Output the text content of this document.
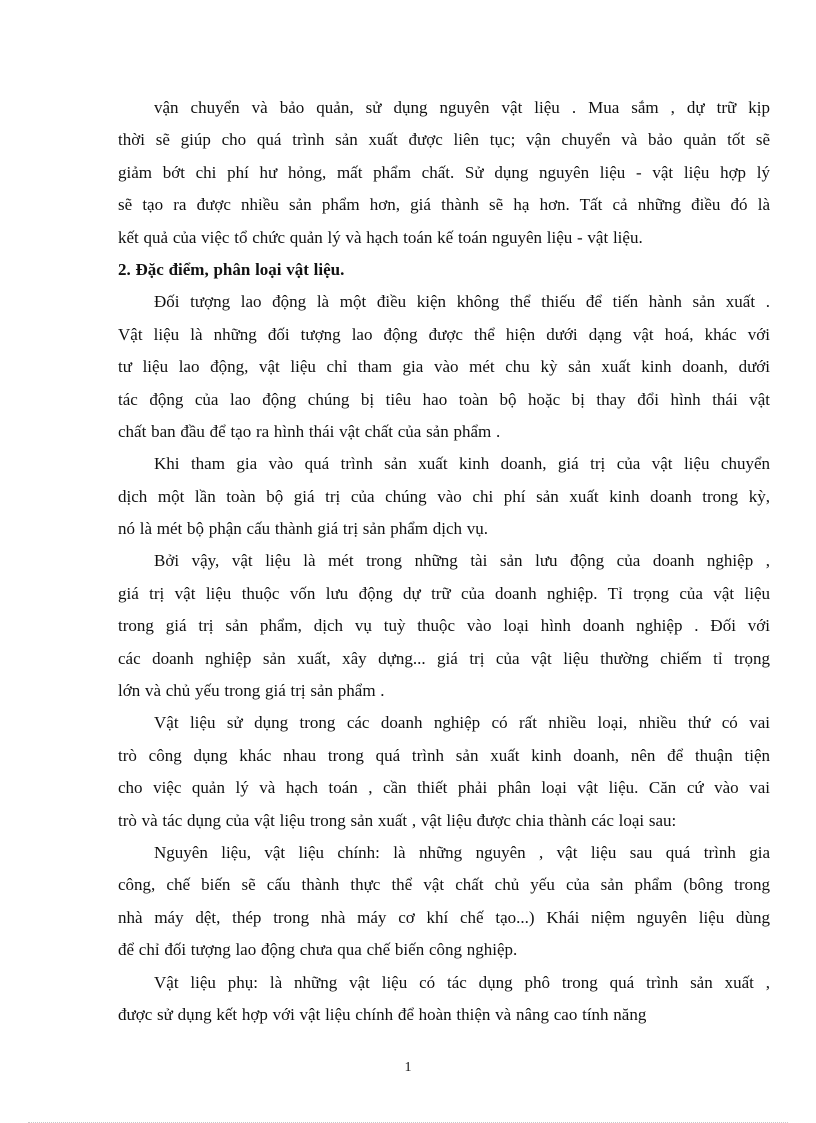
vận chuyển và bảo quản, sử dụng nguyên vật liệu . Mua sắm , dự trữ kịp
thời sẽ giúp cho quá trình sản xuất được liên tục; vận chuyển và bảo quản tốt sẽ
giảm bớt chi phí hư hỏng, mất phẩm chất. Sử dụng nguyên liệu - vật liệu hợp lý
sẽ tạo ra được nhiều sản phẩm hơn, giá thành sẽ hạ hơn. Tất cả những điều đó là
kết quả của việc tổ chức quản lý và hạch toán kế toán nguyên liệu - vật liệu.
2. Đặc điểm, phân loại vật liệu.
Đối tượng lao động là một điều kiện không thể thiếu để tiến hành sản xuất .
Vật liệu là những đối tượng lao động được thể hiện dưới dạng vật hoá, khác với
tư liệu lao động, vật liệu chỉ tham gia vào mét chu kỳ sản xuất kinh doanh, dưới
tác động của lao động chúng bị tiêu hao toàn bộ hoặc bị thay đổi hình thái vật
chất ban đầu để tạo ra hình thái vật chất của sản phẩm .
Khi tham gia vào quá trình sản xuất kinh doanh, giá trị của vật liệu chuyển
dịch một lần toàn bộ giá trị của chúng vào chi phí sản xuất kinh doanh trong kỳ,
nó là mét bộ phận cấu thành giá trị sản phẩm dịch vụ.
Bởi vậy, vật liệu là mét trong những tài sản lưu động của doanh nghiệp ,
giá trị vật liệu thuộc vốn lưu động dự trữ của doanh nghiệp. Tỉ trọng của vật liệu
trong giá trị sản phẩm, dịch vụ tuỳ thuộc vào loại hình doanh nghiệp . Đối với
các doanh nghiệp sản xuất, xây dựng... giá trị của vật liệu thường chiếm tỉ trọng
lớn và chủ yếu trong giá trị sản phẩm .
Vật liệu sử dụng trong các doanh nghiệp có rất nhiều loại, nhiều thứ có vai
trò công dụng khác nhau trong quá trình sản xuất kinh doanh, nên để thuận tiện
cho việc quản lý và hạch toán , cần thiết phải phân loại vật liệu. Căn cứ vào vai
trò và tác dụng của vật liệu trong sản xuất , vật liệu được chia thành các loại sau:
Nguyên liệu, vật liệu chính: là những nguyên , vật liệu sau quá trình gia
công, chế biến sẽ cấu thành thực thể vật chất chủ yếu của sản phẩm (bông trong
nhà máy dệt, thép trong nhà máy cơ khí chế tạo...) Khái niệm nguyên liệu dùng
để chỉ đối tượng lao động chưa qua chế biến công nghiệp.
Vật liệu phụ: là những vật liệu có tác dụng phô trong quá trình sản xuất ,
được sử dụng kết hợp với vật liệu chính để hoàn thiện và nâng cao tính năng
1
